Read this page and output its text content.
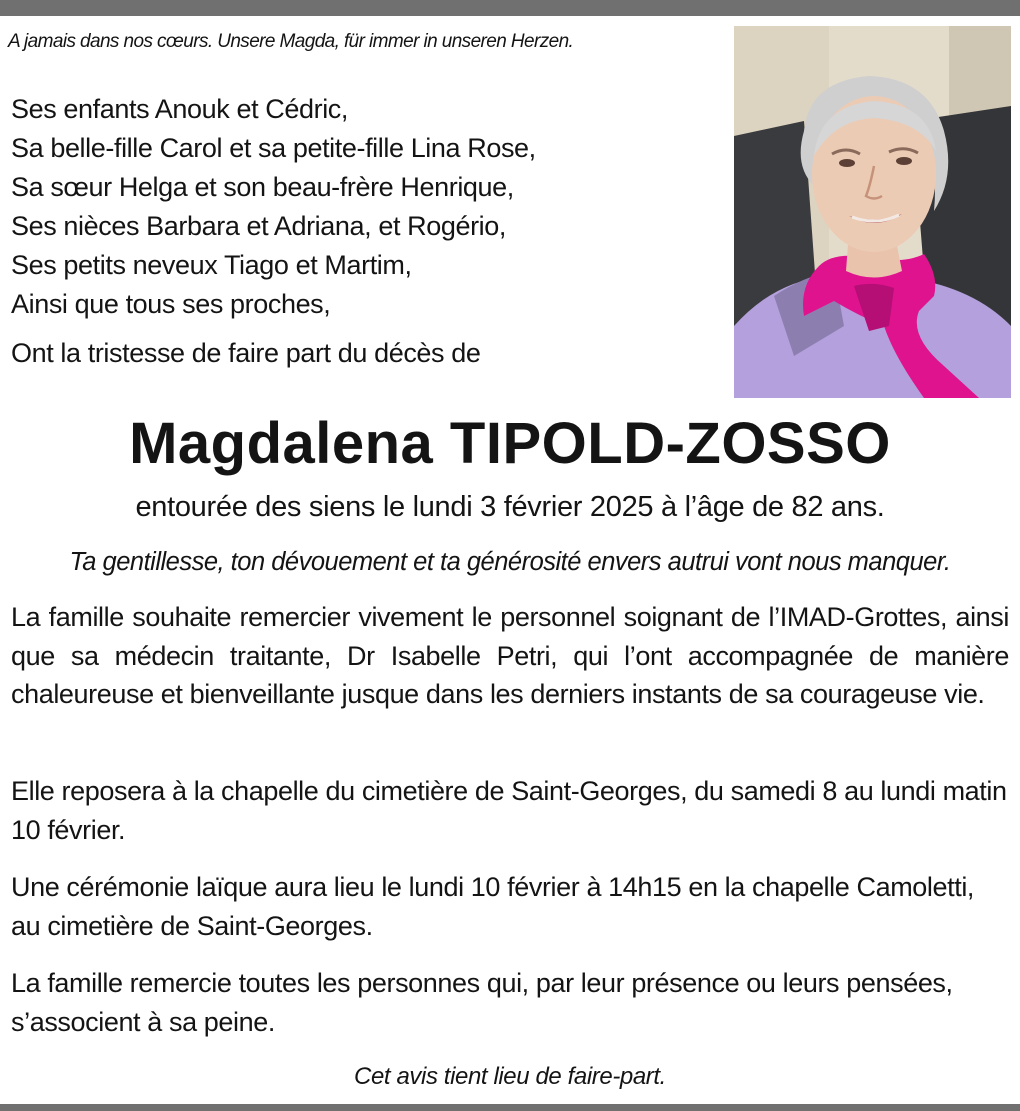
A jamais dans nos cœurs. Unsere Magda, für immer in unseren Herzen.
Ses enfants Anouk et Cédric,
Sa belle-fille Carol et sa petite-fille Lina Rose,
Sa sœur Helga et son beau-frère Henrique,
Ses nièces Barbara et Adriana, et Rogério,
Ses petits neveux Tiago et Martim,
Ainsi que tous ses proches,
Ont la tristesse de faire part du décès de
Magdalena TIPOLD-ZOSSO
entourée des siens le lundi 3 février 2025 à l’âge de 82 ans.
Ta gentillesse, ton dévouement et ta générosité envers autrui vont nous manquer.

La famille souhaite remercier vivement le personnel soignant de l’IMAD-Grottes, ainsi que sa médecin traitante, Dr Isabelle Petri, qui l’ont accompagnée de manière chaleureuse et bienveillante jusque dans les derniers instants de sa courageuse vie.

Elle reposera à la chapelle du cimetière de Saint-Georges, du samedi 8 au lundi matin 10 février.

Une cérémonie laïque aura lieu le lundi 10 février à 14h15 en la chapelle Camoletti, au cimetière de Saint-Georges.

La famille remercie toutes les personnes qui, par leur présence ou leurs pensées, s’associent à sa peine.

Cet avis tient lieu de faire-part.
